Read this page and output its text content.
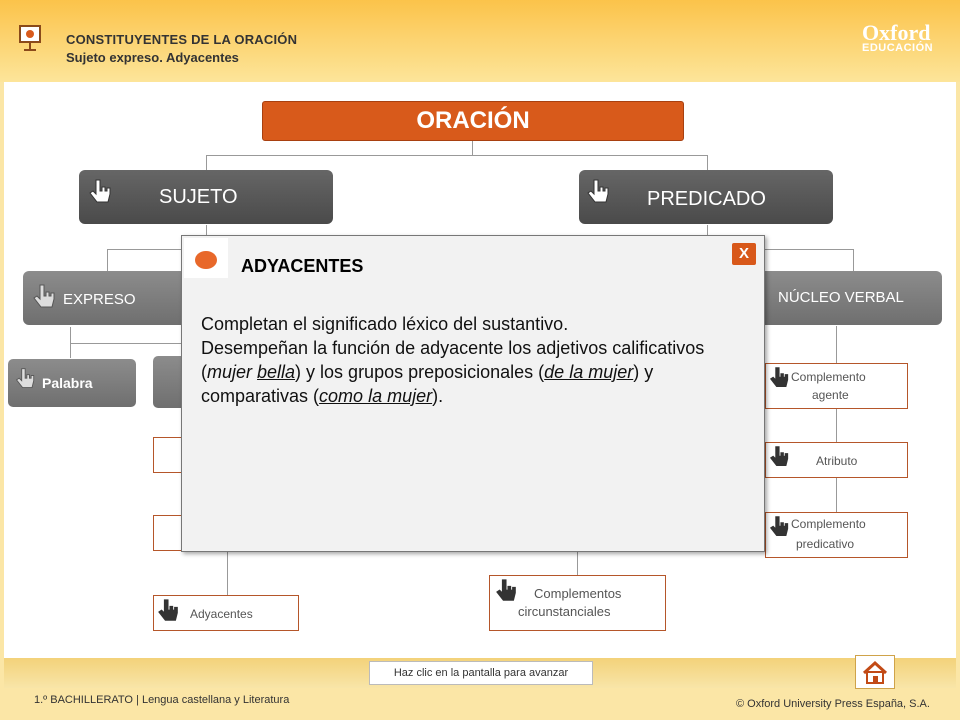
CONSTITUYENTES DE LA ORACIÓN
Sujeto expreso. Adyacentes
Oxford
EDUCACIÓN
ORACIÓN
SUJETO	PREDICADO
EXPRESO	NÚCLEO VERBAL
Palabra
Adyacentes
Complementos
circunstanciales
Complemento
agente
Atributo
Complemento
predicativo
ADYACENTES
X
Completan el significado léxico del sustantivo.
Desempeñan la función de adyacente los adjetivos calificativos (mujer bella) y los grupos preposicionales (de la mujer) y comparativas (como la mujer).
Haz clic en la pantalla para avanzar
1.º BACHILLERATO | Lengua castellana y Literatura	© Oxford University Press España, S.A.
